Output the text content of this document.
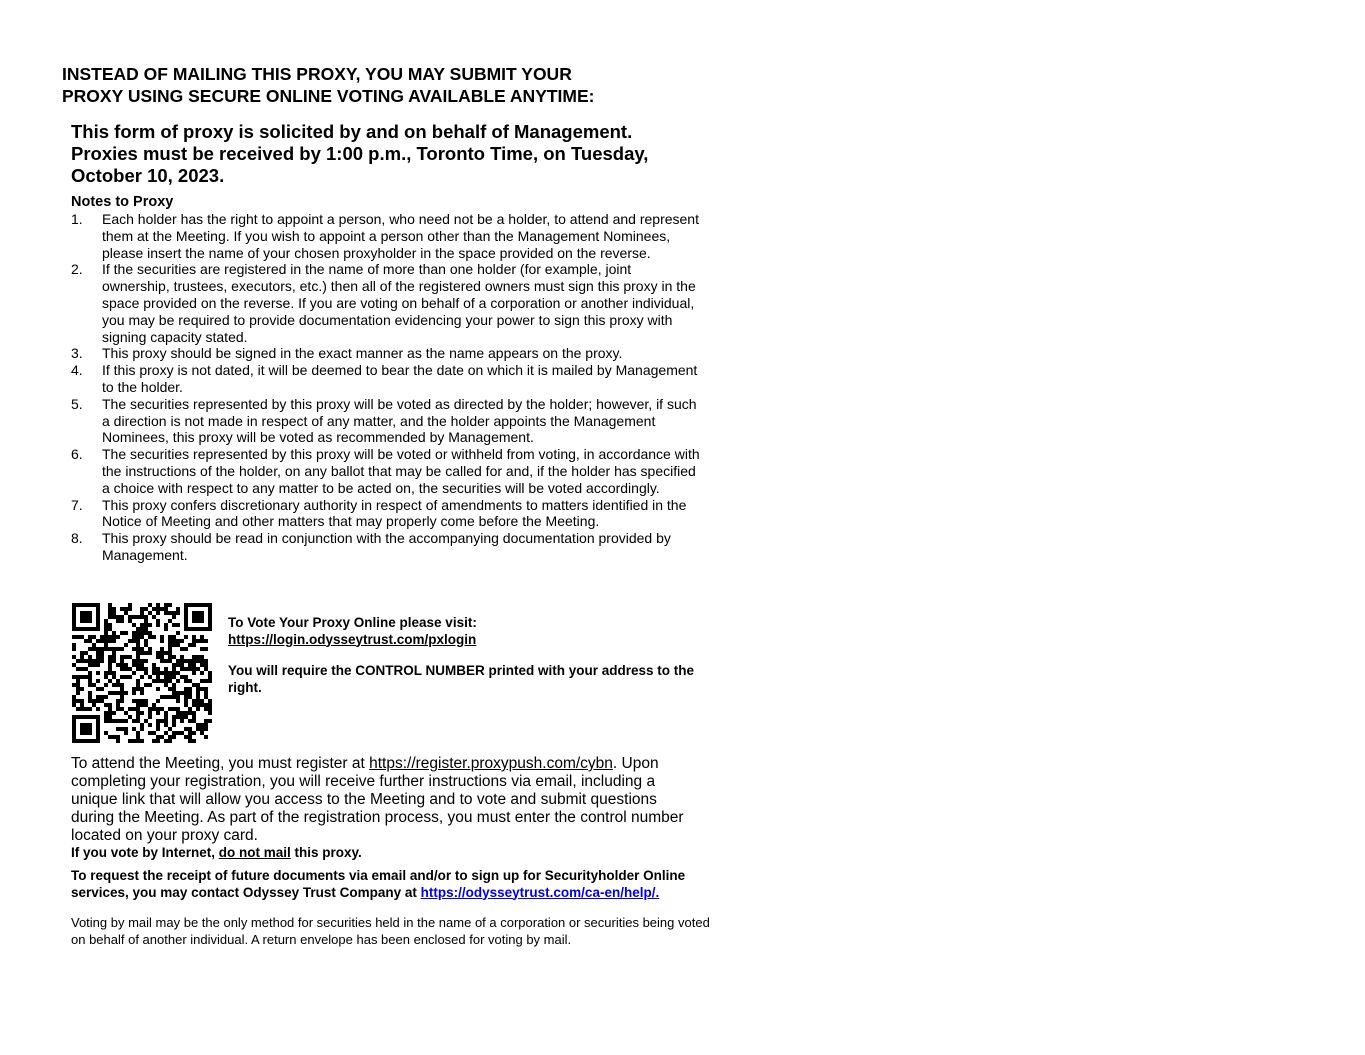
INSTEAD OF MAILING THIS PROXY, YOU MAY SUBMIT YOUR
PROXY USING SECURE ONLINE VOTING AVAILABLE ANYTIME:
This form of proxy is solicited by and on behalf of Management.
Proxies must be received by 1:00 p.m., Toronto Time, on Tuesday,
October 10, 2023.
Notes to Proxy
1.	Each holder has the right to appoint a person, who need not be a holder, to attend and represent them at the Meeting. If you wish to appoint a person other than the Management Nominees, please insert the name of your chosen proxyholder in the space provided on the reverse.
2.	If the securities are registered in the name of more than one holder (for example, joint ownership, trustees, executors, etc.) then all of the registered owners must sign this proxy in the space provided on the reverse. If you are voting on behalf of a corporation or another individual, you may be required to provide documentation evidencing your power to sign this proxy with signing capacity stated.
3.	This proxy should be signed in the exact manner as the name appears on the proxy.
4.	If this proxy is not dated, it will be deemed to bear the date on which it is mailed by Management to the holder.
5.	The securities represented by this proxy will be voted as directed by the holder; however, if such a direction is not made in respect of any matter, and the holder appoints the Management Nominees, this proxy will be voted as recommended by Management.
6.	The securities represented by this proxy will be voted or withheld from voting, in accordance with the instructions of the holder, on any ballot that may be called for and, if the holder has specified a choice with respect to any matter to be acted on, the securities will be voted accordingly.
7.	This proxy confers discretionary authority in respect of amendments to matters identified in the Notice of Meeting and other matters that may properly come before the Meeting.
8.	This proxy should be read in conjunction with the accompanying documentation provided by Management.
To Vote Your Proxy Online please visit:
https://login.odysseytrust.com/pxlogin
You will require the CONTROL NUMBER printed with your address to the right.
To attend the Meeting, you must register at https://register.proxypush.com/cybn. Upon completing your registration, you will receive further instructions via email, including a unique link that will allow you access to the Meeting and to vote and submit questions during the Meeting. As part of the registration process, you must enter the control number located on your proxy card.
If you vote by Internet, do not mail this proxy.
To request the receipt of future documents via email and/or to sign up for Securityholder Online services, you may contact Odyssey Trust Company at https://odysseytrust.com/ca-en/help/.
Voting by mail may be the only method for securities held in the name of a corporation or securities being voted on behalf of another individual. A return envelope has been enclosed for voting by mail.
